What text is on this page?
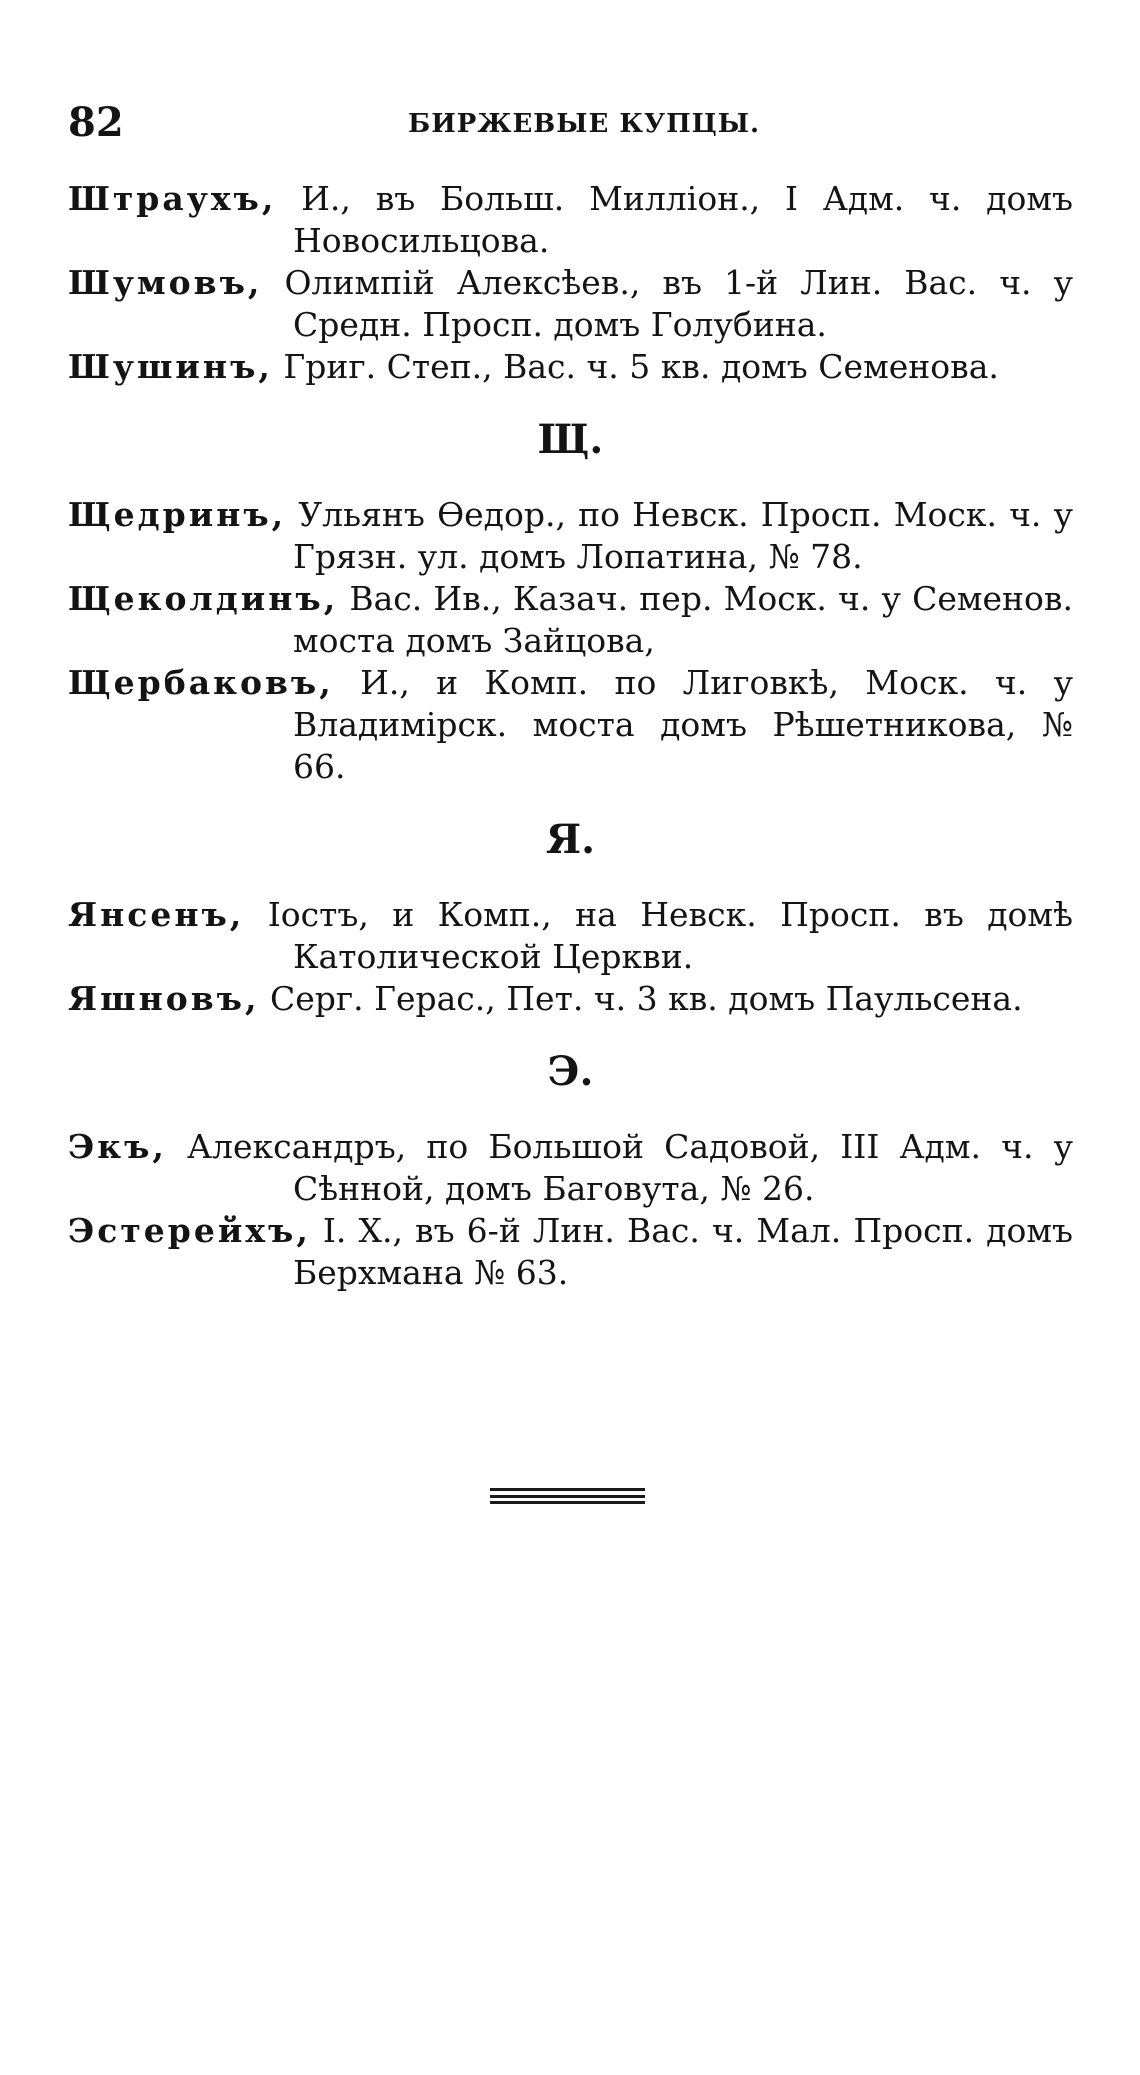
82	БИРЖЕВЫЕ КУПЦЫ.

Штраухъ, И., въ Больш. Милліон., I Адм. ч. домъ Новосильцова.

Шумовъ, Олимпій Алексѣев., въ 1-й Лин. Вас. ч. у Средн. Просп. домъ Голубина.

Шушинъ, Григ. Степ., Вас. ч. 5 кв. домъ Семенова.

Щ.

Щедринъ, Ульянъ Ѳедор., по Невск. Просп. Моск. ч. у Грязн. ул. домъ Лопатина, № 78.

Щеколдинъ, Вас. Ив., Казач. пер. Моск. ч. у Семенов. моста домъ Зайцова,

Щербаковъ, И., и Комп. по Лиговкѣ, Моск. ч. у Владимірск. моста домъ Рѣшетникова, № 66.

Я.

Янсенъ, Іостъ, и Комп., на Невск. Просп. въ домѣ Католической Церкви.

Яшновъ, Серг. Герас., Пет. ч. 3 кв. домъ Паульсена.

Э.

Экъ, Александръ, по Большой Садовой, III Адм. ч. у Сѣнной, домъ Баговута, № 26.

Эстерейхъ, I. X., въ 6-й Лин. Вас. ч. Мал. Просп. домъ Берхмана № 63.
